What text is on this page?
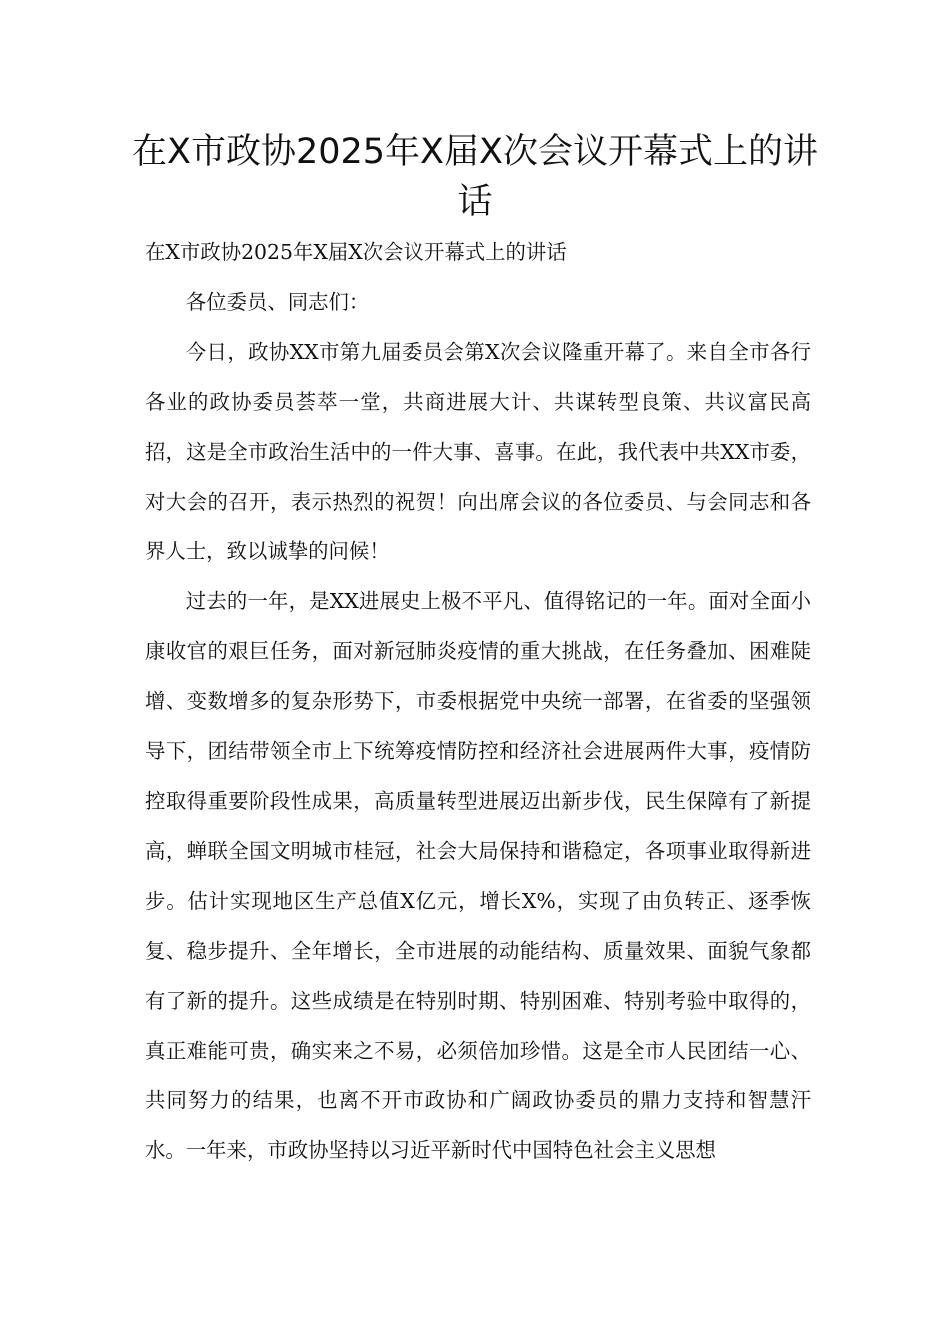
在X市政协2025年X届X次会议开幕式上的讲话

在X市政协2025年X届X次会议开幕式上的讲话

各位委员、同志们：

今日，政协XX市第九届委员会第X次会议隆重开幕了。来自全市各行各业的政协委员荟萃一堂，共商进展大计、共谋转型良策、共议富民高招，这是全市政治生活中的一件大事、喜事。在此，我代表中共XX市委，对大会的召开，表示热烈的祝贺！向出席会议的各位委员、与会同志和各界人士，致以诚挚的问候！

过去的一年，是XX进展史上极不平凡、值得铭记的一年。面对全面小康收官的艰巨任务，面对新冠肺炎疫情的重大挑战，在任务叠加、困难陡增、变数增多的复杂形势下，市委根据党中央统一部署，在省委的坚强领导下，团结带领全市上下统筹疫情防控和经济社会进展两件大事，疫情防控取得重要阶段性成果，高质量转型进展迈出新步伐，民生保障有了新提高，蝉联全国文明城市桂冠，社会大局保持和谐稳定，各项事业取得新进步。估计实现地区生产总值X亿元，增长X%，实现了由负转正、逐季恢复、稳步提升、全年增长，全市进展的动能结构、质量效果、面貌气象都有了新的提升。这些成绩是在特别时期、特别困难、特别考验中取得的，真正难能可贵，确实来之不易，必须倍加珍惜。这是全市人民团结一心、共同努力的结果，也离不开市政协和广阔政协委员的鼎力支持和智慧汗水。一年来，市政协坚持以习近平新时代中国特色社会主义思想
